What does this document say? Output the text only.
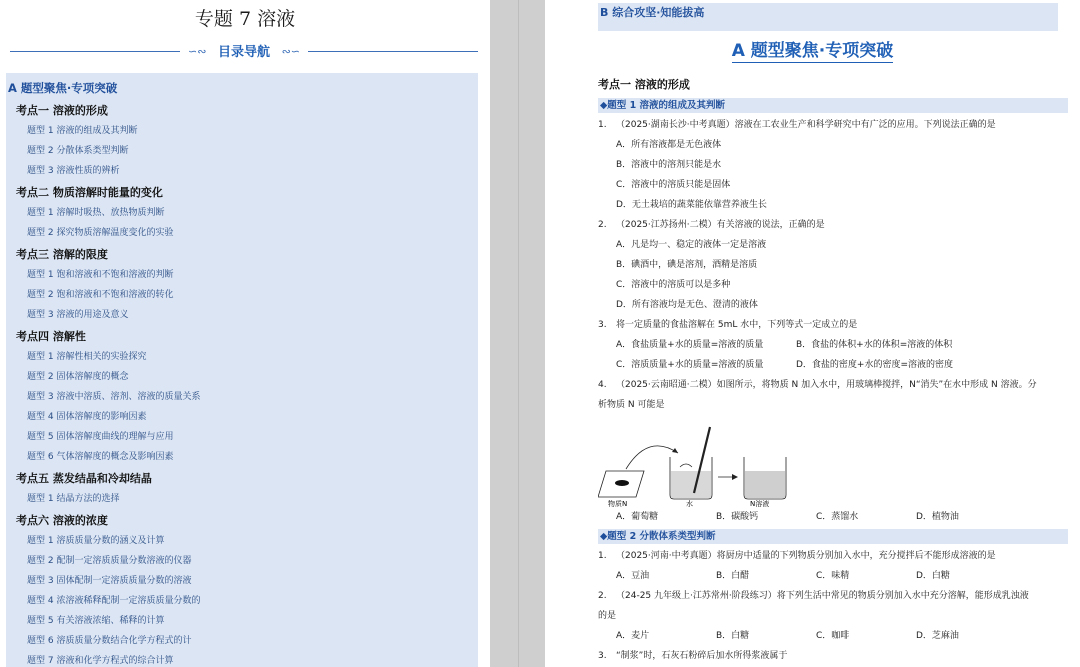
专题 7 溶液
∽∾	∾∽
目录导航
A 题型聚焦·专项突破
考点一 溶液的形成
题型 1 溶液的组成及其判断
题型 2 分散体系类型判断
题型 3 溶液性质的辨析
考点二 物质溶解时能量的变化
题型 1 溶解时吸热、放热物质判断
题型 2 探究物质溶解温度变化的实验
考点三 溶解的限度
题型 1 饱和溶液和不饱和溶液的判断
题型 2 饱和溶液和不饱和溶液的转化
题型 3 溶液的用途及意义
考点四 溶解性
题型 1 溶解性相关的实验探究
题型 2 固体溶解度的概念
题型 3 溶液中溶质、溶剂、溶液的质量关系
题型 4 固体溶解度的影响因素
题型 5 固体溶解度曲线的理解与应用
题型 6 气体溶解度的概念及影响因素
考点五 蒸发结晶和冷却结晶
题型 1 结晶方法的选择
考点六 溶液的浓度
题型 1 溶质质量分数的涵义及计算
题型 2 配制一定溶质质量分数溶液的仪器
题型 3 固体配制一定溶质质量分数的溶液
题型 4 浓溶液稀释配制一定溶质质量分数的
题型 5 有关溶液浓缩、稀释的计算
题型 6 溶质质量分数结合化学方程式的计
题型 7 溶液和化学方程式的综合计算
B 综合攻坚·知能拔高
A 题型聚焦·专项突破
考点一 溶液的形成
◆题型 1 溶液的组成及其判断
1. （2025·湖南长沙·中考真题）溶液在工农业生产和科学研究中有广泛的应用。下列说法正确的是
A．所有溶液都是无色液体
B．溶液中的溶剂只能是水
C．溶液中的溶质只能是固体
D．无土栽培的蔬菜能依靠营养液生长
2. （2025·江苏扬州·二模）有关溶液的说法，正确的是
A．凡是均一、稳定的液体一定是溶液
B．碘酒中，碘是溶剂，酒精是溶质
C．溶液中的溶质可以是多种
D．所有溶液均是无色、澄清的液体
3. 将一定质量的食盐溶解在 5mL 水中，下列等式一定成立的是
A．食盐质量+水的质量=溶液的质量	B．食盐的体积+水的体积=溶液的体积
C．溶质质量+水的质量=溶液的质量	D．食盐的密度+水的密度=溶液的密度
4. （2025·云南昭通·二模）如图所示，将物质 N 加入水中，用玻璃棒搅拌，N“消失”在水中形成 N 溶液。分
析物质 N 可能是
物质N	水	N溶液
A．葡萄糖	B．碳酸钙	C．蒸馏水	D．植物油
◆题型 2 分散体系类型判断
1. （2025·河南·中考真题）将厨房中适量的下列物质分别加入水中，充分搅拌后不能形成溶液的是
A．豆油	B．白醋	C．味精	D．白糖
2. （24-25 九年级上·江苏常州·阶段练习）将下列生活中常见的物质分别加入水中充分溶解，能形成乳浊液
的是
A．麦片	B．白糖	C．咖啡	D．芝麻油
3. “制浆”时，石灰石粉碎后加水所得浆液属于
